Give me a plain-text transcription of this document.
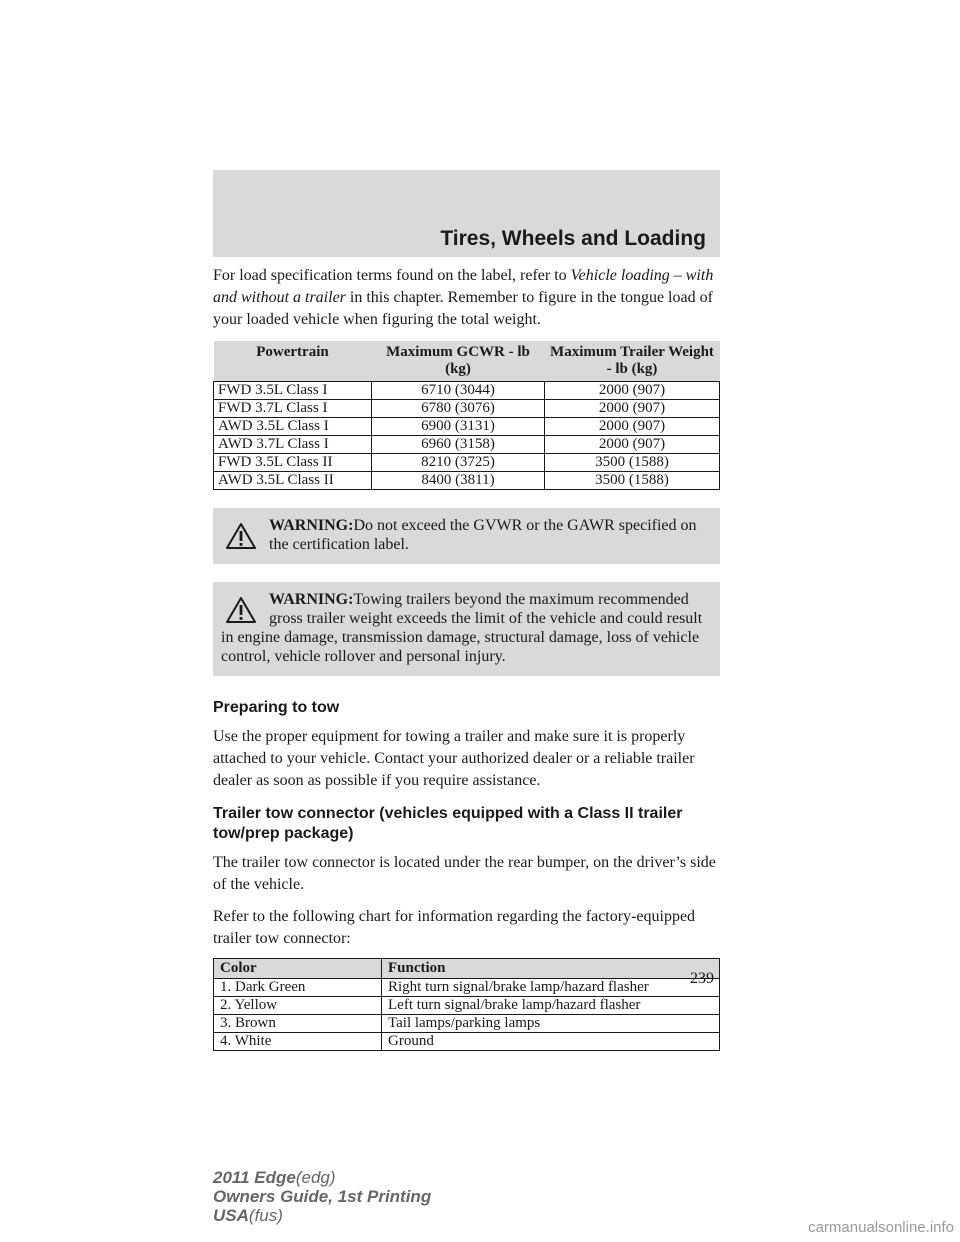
Tires, Wheels and Loading

For load specification terms found on the label, refer to Vehicle loading – with and without a trailer in this chapter. Remember to figure in the tongue load of your loaded vehicle when figuring the total weight.

Powertrain	Maximum GCWR - lb (kg)	Maximum Trailer Weight - lb (kg)
FWD 3.5L Class I	6710 (3044)	2000 (907)
FWD 3.7L Class I	6780 (3076)	2000 (907)
AWD 3.5L Class I	6900 (3131)	2000 (907)
AWD 3.7L Class I	6960 (3158)	2000 (907)
FWD 3.5L Class II	8210 (3725)	3500 (1588)
AWD 3.5L Class II	8400 (3811)	3500 (1588)
WARNING:Do not exceed the GVWR or the GAWR specified on the certification label.
WARNING:Towing trailers beyond the maximum recommended gross trailer weight exceeds the limit of the vehicle and could result in engine damage, transmission damage, structural damage, loss of vehicle control, vehicle rollover and personal injury.
Preparing to tow

Use the proper equipment for towing a trailer and make sure it is properly attached to your vehicle. Contact your authorized dealer or a reliable trailer dealer as soon as possible if you require assistance.

Trailer tow connector (vehicles equipped with a Class II trailer tow/prep package)

The trailer tow connector is located under the rear bumper, on the driver’s side of the vehicle.

Refer to the following chart for information regarding the factory-equipped trailer tow connector:

Color	Function
1. Dark Green	Right turn signal/brake lamp/hazard flasher
2. Yellow	Left turn signal/brake lamp/hazard flasher
3. Brown	Tail lamps/parking lamps
4. White	Ground
239
2011 Edge(edg)
Owners Guide, 1st Printing
USA(fus)
carmanualsonline.info
